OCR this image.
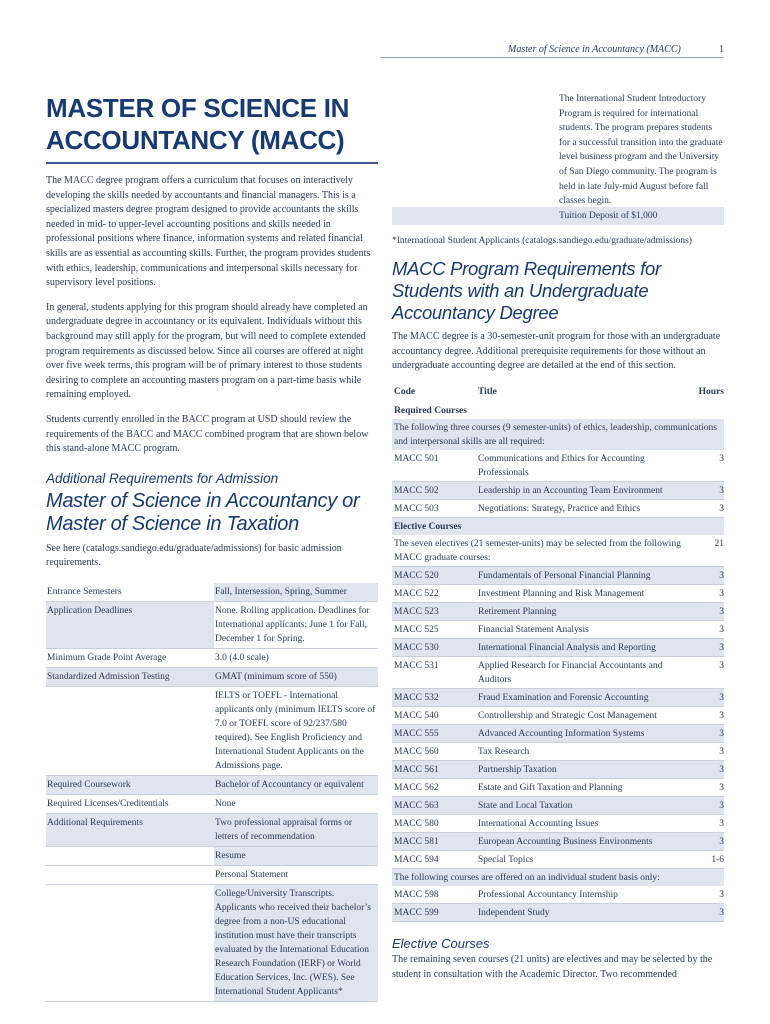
Master of Science in Accountancy (MACC)	1
MASTER OF SCIENCE IN
ACCOUNTANCY (MACC)

The MACC degree program offers a curriculum that focuses on interactively developing the skills needed by accountants and financial managers. This is a specialized masters degree program designed to provide accountants the skills needed in mid- to upper-level accounting positions and skills needed in professional positions where finance, information systems and related financial skills are as essential as accounting skills. Further, the program provides students with ethics, leadership, communications and interpersonal skills necessary for supervisory level positions.

In general, students applying for this program should already have completed an undergraduate degree in accountancy or its equivalent. Individuals without this background may still apply for the program, but will need to complete extended program requirements as discussed below. Since all courses are offered at night over five week terms, this program will be of primary interest to those students desiring to complete an accounting masters program on a part-time basis while remaining employed.

Students currently enrolled in the BACC program at USD should review the requirements of the BACC and MACC combined program that are shown below this stand-alone MACC program.

Additional Requirements for Admission
Master of Science in Accountancy or
Master of Science in Taxation

See here (catalogs.sandiego.edu/graduate/admissions) for basic admission requirements.

Entrance Semesters	Fall, Intersession, Spring, Summer
Application Deadlines	None. Rolling application. Deadlines for International applicants: June 1 for Fall, December 1 for Spring.
Minimum Grade Point Average	3.0 (4.0 scale)
Standardized Admission Testing	GMAT (minimum score of 550)
	IELTS or TOEFL - International applicants only (minimum IELTS score of 7.0 or TOEFL score of 92/237/580 required). See English Proficiency and International Student Applicants on the Admissions page.
Required Coursework	Bachelor of Accountancy or equivalent
Required Licenses/Creditentials	None
Additional Requirements	Two professional appraisal forms or letters of recommendation
	Resume
	Personal Statement
	College/University Transcripts. Applicants who received their bachelor’s degree from a non-US educational institution must have their transcripts evaluated by the International Education Research Foundation (IERF) or World Education Services, Inc. (WES). See International Student Applicants*
The International Student Introductory Program is required for international students. The program prepares students for a successful transition into the graduate level business program and the University of San Diego community. The program is held in late July-mid August before fall classes begin.
Tuition Deposit of $1,000
*International Student Applicants (catalogs.sandiego.edu/graduate/admissions)
MACC Program Requirements for
Students with an Undergraduate
Accountancy Degree

The MACC degree is a 30-semester-unit program for those with an undergraduate accountancy degree. Additional prerequisite requirements for those without an undergraduate accounting degree are detailed at the end of this section.

Code	Title	Hours
Required Courses		
The following three courses (9 semester-units) of ethics, leadership, communications and interpersonal skills are all required:		
MACC 501	Communications and Ethics for Accounting Professionals	3
MACC 502	Leadership in an Accounting Team Environment	3
MACC 503	Negotiations: Strategy, Practice and Ethics	3
Elective Courses		
The seven electives (21 semester-units) may be selected from the following MACC graduate courses:		21
MACC 520	Fundamentals of Personal Financial Planning	3
MACC 522	Investment Planning and Risk Management	3
MACC 523	Retirement Planning	3
MACC 525	Financial Statement Analysis	3
MACC 530	International Financial Analysis and Reporting	3
MACC 531	Applied Research for Financial Accountants and Auditors	3
MACC 532	Fraud Examination and Forensic Accounting	3
MACC 540	Controllership and Strategic Cost Management	3
MACC 555	Advanced Accounting Information Systems	3
MACC 560	Tax Research	3
MACC 561	Partnership Taxation	3
MACC 562	Estate and Gift Taxation and Planning	3
MACC 563	State and Local Taxation	3
MACC 580	International Accounting Issues	3
MACC 581	European Accounting Business Environments	3
MACC 594	Special Topics	1-6
The following courses are offered on an individual student basis only:		
MACC 598	Professional Accountancy Internship	3
MACC 599	Independent Study	3
Elective Courses

The remaining seven courses (21 units) are electives and may be selected by the student in consultation with the Academic Director. Two recommended
